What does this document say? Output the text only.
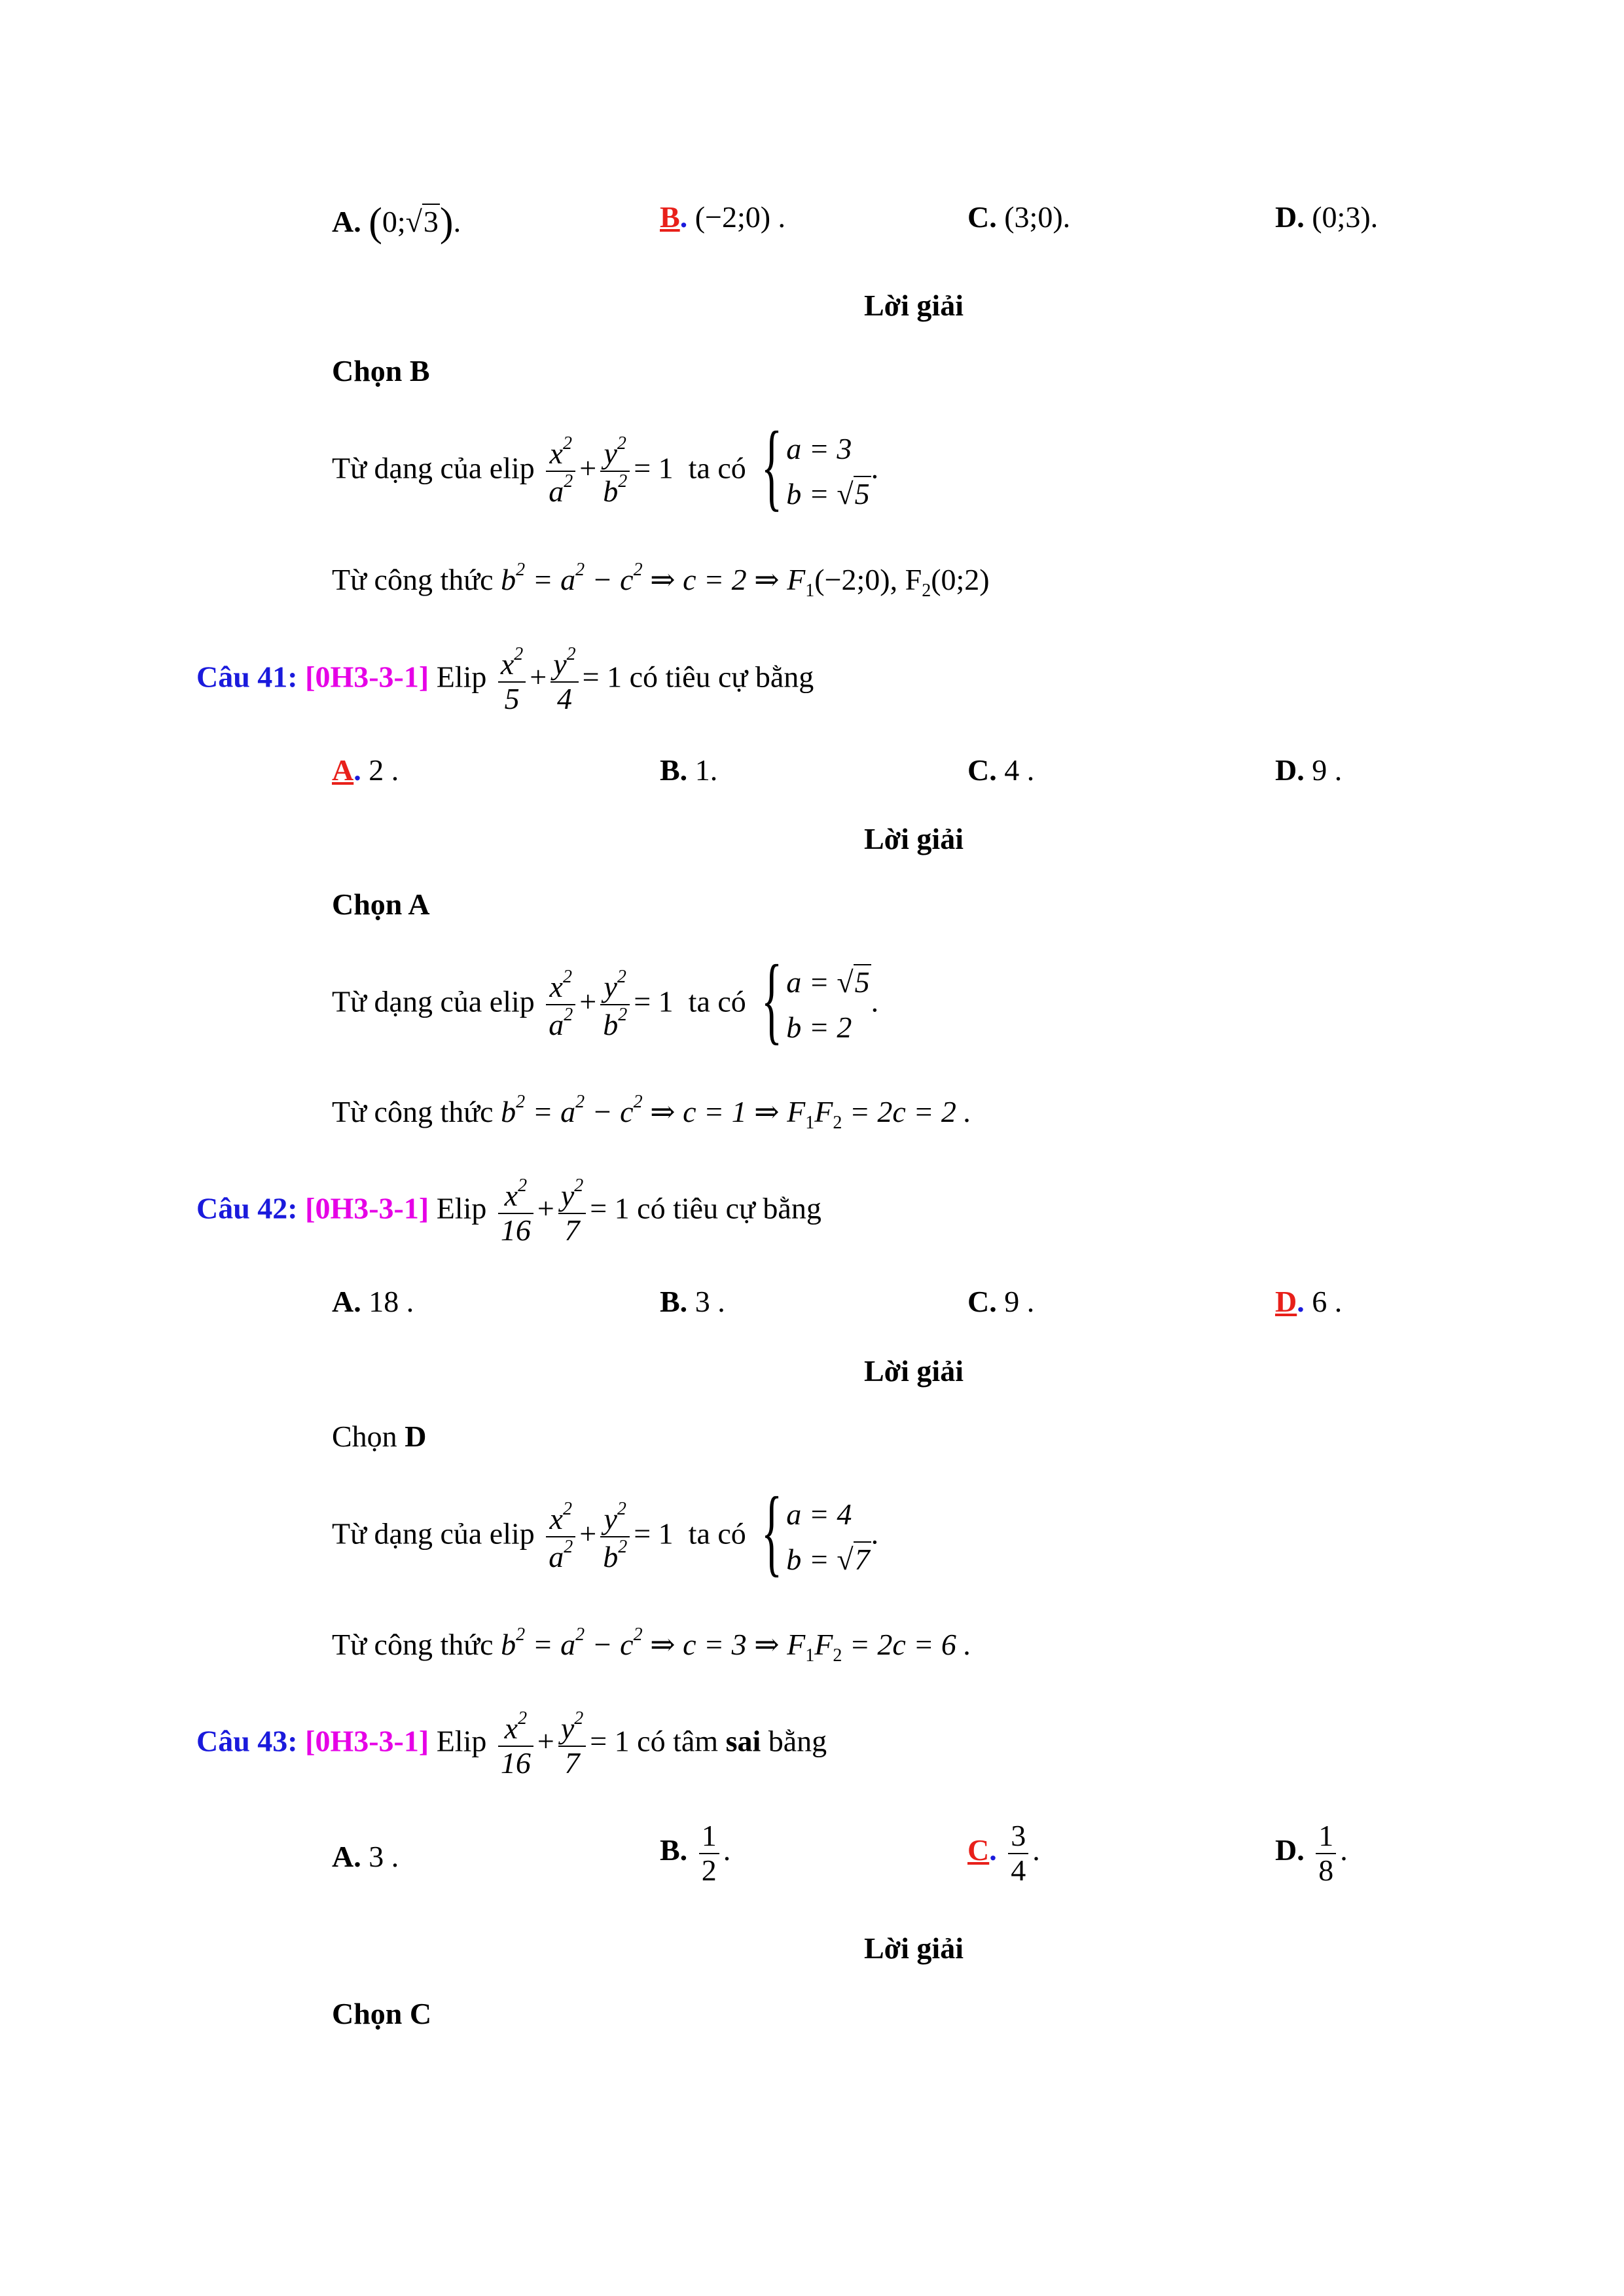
A. (0;√3).	B. (−2;0) .	C. (3;0).	D. (0;3).
Lời giải
Chọn B
Từ dạng của elip $\frac{x^2}{a^2} + \frac{y^2}{b^2} = 1$ ta có { a = 3
b = √5
.
Từ công thức $b^2 = a^2 - c^2$ ⇒ c = 2 ⇒ $F_1(-2;0)$, $F_2(0;2)$
Câu 41: [0H3-3-1] Elip $\frac{x^2}{5} + \frac{y^2}{4} = 1$ có tiêu cự bằng
A. 2 .	B. 1.	C. 4 .	D. 9 .
Lời giải
Chọn A
Từ dạng của elip $\frac{x^2}{a^2} + \frac{y^2}{b^2} = 1$ ta có { a = √5
b = 2
.
Từ công thức $b^2 = a^2 - c^2$ ⇒ c = 1 ⇒ $F_1F_2 = 2c = 2$ .
Câu 42: [0H3-3-1] Elip $\frac{x^2}{16} + \frac{y^2}{7} = 1$ có tiêu cự bằng
A. 18 .	B. 3 .	C. 9 .	D. 6 .
Lời giải
Chọn D
Từ dạng của elip $\frac{x^2}{a^2} + \frac{y^2}{b^2} = 1$ ta có { a = 4
b = √7
.
Từ công thức $b^2 = a^2 - c^2$ ⇒ c = 3 ⇒ $F_1F_2 = 2c = 6$ .
Câu 43: [0H3-3-1] Elip $\frac{x^2}{16} + \frac{y^2}{7} = 1$ có tâm sai bằng
A. 3 .	B. $\frac{1}{2}$ .	C. $\frac{3}{4}$ .	D. $\frac{1}{8}$ .
Lời giải
Chọn C
